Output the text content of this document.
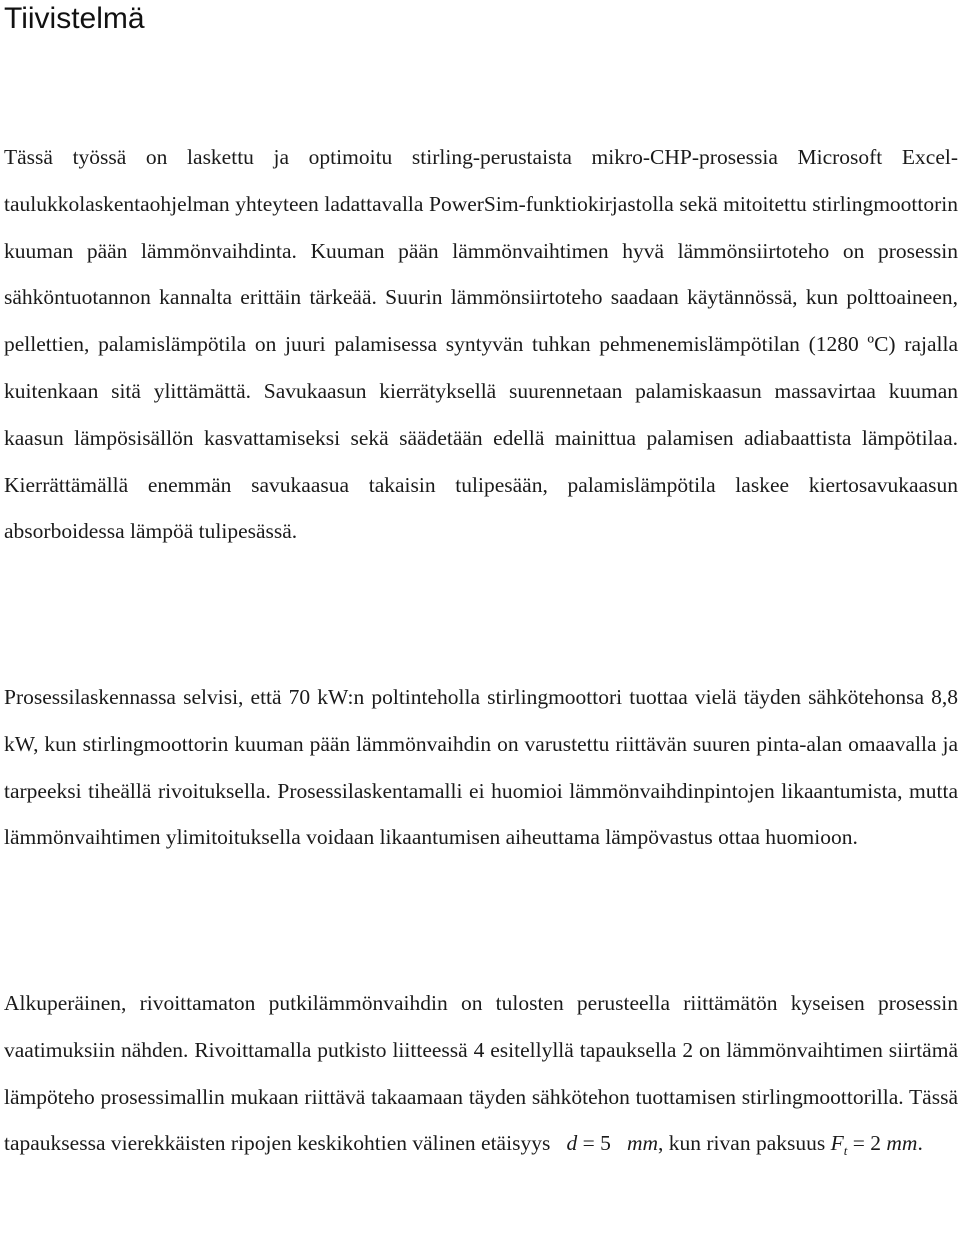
Tiivistelmä

Tässä työssä on laskettu ja optimoitu stirling-perustaista mikro-CHP-prosessia Microsoft Excel-taulukkolaskentaohjelman yhteyteen ladattavalla PowerSim-funktiokirjastolla sekä mitoitettu stirlingmoottorin kuuman pään lämmönvaihdinta. Kuuman pään lämmönvaihtimen hyvä lämmönsiirtoteho on prosessin sähköntuotannon kannalta erittäin tärkeää. Suurin lämmönsiirtoteho saadaan käytännössä, kun polttoaineen, pellettien, palamislämpötila on juuri palamisessa syntyvän tuhkan pehmenemislämpötilan (1280 ºC) rajalla kuitenkaan sitä ylittämättä. Savukaasun kierrätyksellä suurennetaan palamiskaasun massavirtaa kuuman kaasun lämpösisällön kasvattamiseksi sekä säädetään edellä mainittua palamisen adiabaattista lämpötilaa. Kierrättämällä enemmän savukaasua takaisin tulipesään, palamislämpötila laskee kiertosavukaasun absorboidessa lämpöä tulipesässä.

Prosessilaskennassa selvisi, että 70 kW:n poltinteholla stirlingmoottori tuottaa vielä täyden sähkötehonsa 8,8 kW, kun stirlingmoottorin kuuman pään lämmönvaihdin on varustettu riittävän suuren pinta-alan omaavalla ja tarpeeksi tiheällä rivoituksella. Prosessilaskentamalli ei huomioi lämmönvaihdinpintojen likaantumista, mutta lämmönvaihtimen ylimitoituksella voidaan likaantumisen aiheuttama lämpövastus ottaa huomioon.

Alkuperäinen, rivoittamaton putkilämmönvaihdin on tulosten perusteella riittämätön kyseisen prosessin vaatimuksiin nähden. Rivoittamalla putkisto liitteessä 4 esitellyllä tapauksella 2 on lämmönvaihtimen siirtämä lämpöteho prosessimallin mukaan riittävä takaamaan täyden sähkötehon tuottamisen stirlingmoottorilla. Tässä tapauksessa vierekkäisten ripojen keskikohtien välinen etäisyys d = 5 mm, kun rivan paksuus $F_t = 2$ mm.
